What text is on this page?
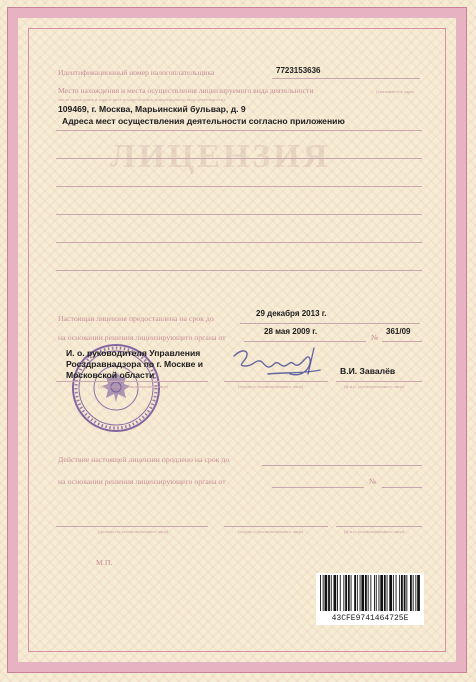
ЛИЦЕНЗИЯ
Идентификационный номер налогоплательщика	7723153636
Место нахождения и места осуществления лицензируемого вида деятельности	(указываются адрес
места нахождения и адреса мест осуществления лицензируемого вида деятельности)
109469, г. Москва, Марьинский бульвар, д. 9
Адреса мест осуществления деятельности согласно приложению
Настоящая лицензия предоставлена на срок до
29 декабря 2013 г.
на основании решения лицензирующего органа от
28 мая 2009 г.
№
361/09
И. о. руководителя Управления
Росздравнадзора по г. Москве и
Московской области	В.И. Завалёв
(должность уполномоченного лица)	(подпись уполномоченного лица)	(ф.и.о. уполномоченного лица)
Действие настоящей лицензии продлено на срок до
на основании решения лицензирующего органа от	№
(должность уполномоченного лица)	(подпись уполномоченного лица)	(ф.и.о. уполномоченного лица)
М.П.
43CFE9741464725E
